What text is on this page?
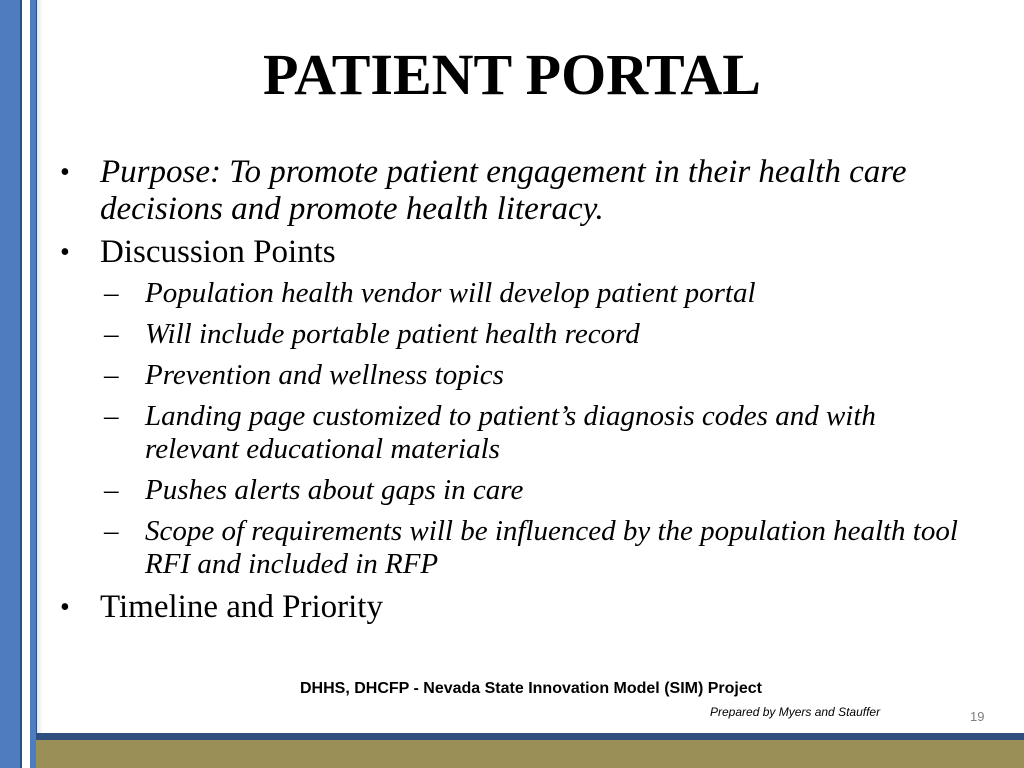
PATIENT PORTAL
• Purpose: To promote patient engagement in their health care decisions and promote health literacy.
• Discussion Points
– Population health vendor will develop patient portal
– Will include portable patient health record
– Prevention and wellness topics
– Landing page customized to patient’s diagnosis codes and with relevant educational materials
– Pushes alerts about gaps in care
– Scope of requirements will be influenced by the population health tool RFI and included in RFP
• Timeline and Priority
DHHS, DHCFP - Nevada State Innovation Model (SIM) Project
Prepared by Myers and Stauffer	19
